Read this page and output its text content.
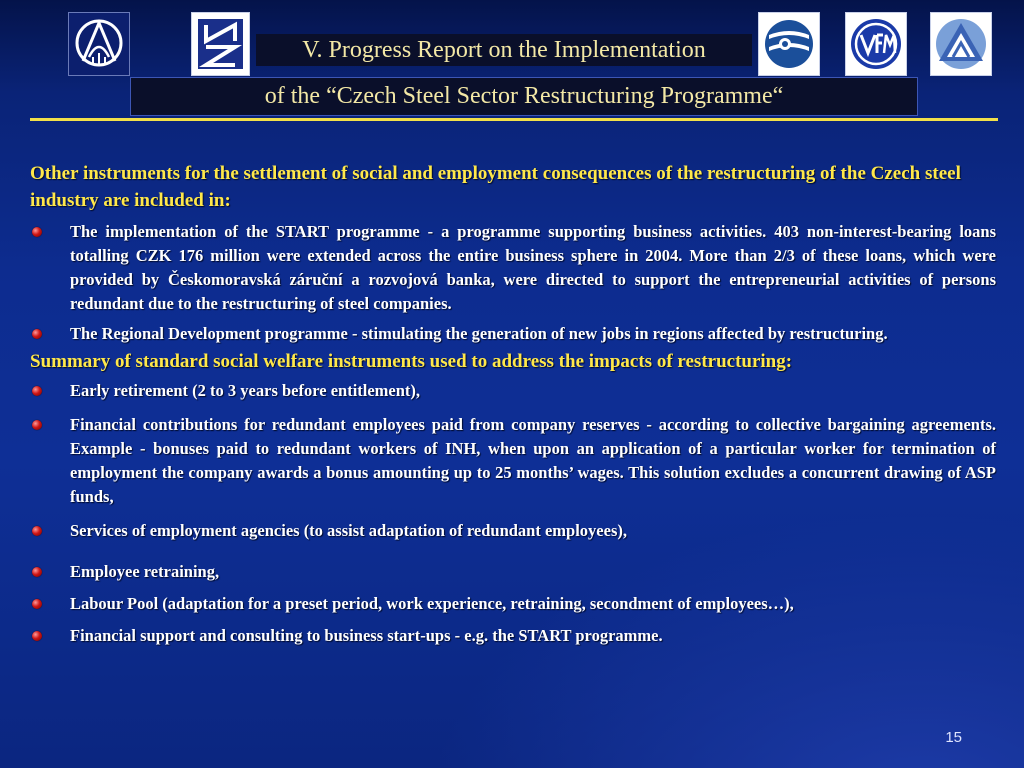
V. Progress Report on the Implementation
of the “Czech Steel Sector Restructuring Programme“

Other instruments for the settlement of social and employment consequences of the restructuring of the Czech steel industry are included in:

The implementation of the START programme - a programme supporting business activities. 403 non-interest-bearing loans totalling CZK 176 million were extended across the entire business sphere in 2004. More than 2/3 of these loans, which were provided by Českomoravská záruční a rozvojová banka, were directed to support the entrepreneurial activities of persons redundant due to the restructuring of steel companies.
The Regional Development programme - stimulating the generation of new jobs in regions affected by restructuring.

Summary of standard social welfare instruments used to address the impacts of restructuring:

Early retirement (2 to 3 years before entitlement),
Financial contributions for redundant employees paid from company reserves - according to collective bargaining agreements. Example - bonuses paid to redundant workers of INH, when upon an application of a particular worker for termination of employment the company awards a bonus amounting up to 25 months’ wages. This solution excludes a concurrent drawing of ASP funds,
Services of employment agencies (to assist adaptation of redundant employees),
Employee retraining,
Labour Pool (adaptation for a preset period, work experience, retraining, secondment of employees…),
Financial support and consulting to business start-ups - e.g. the START programme.
15
